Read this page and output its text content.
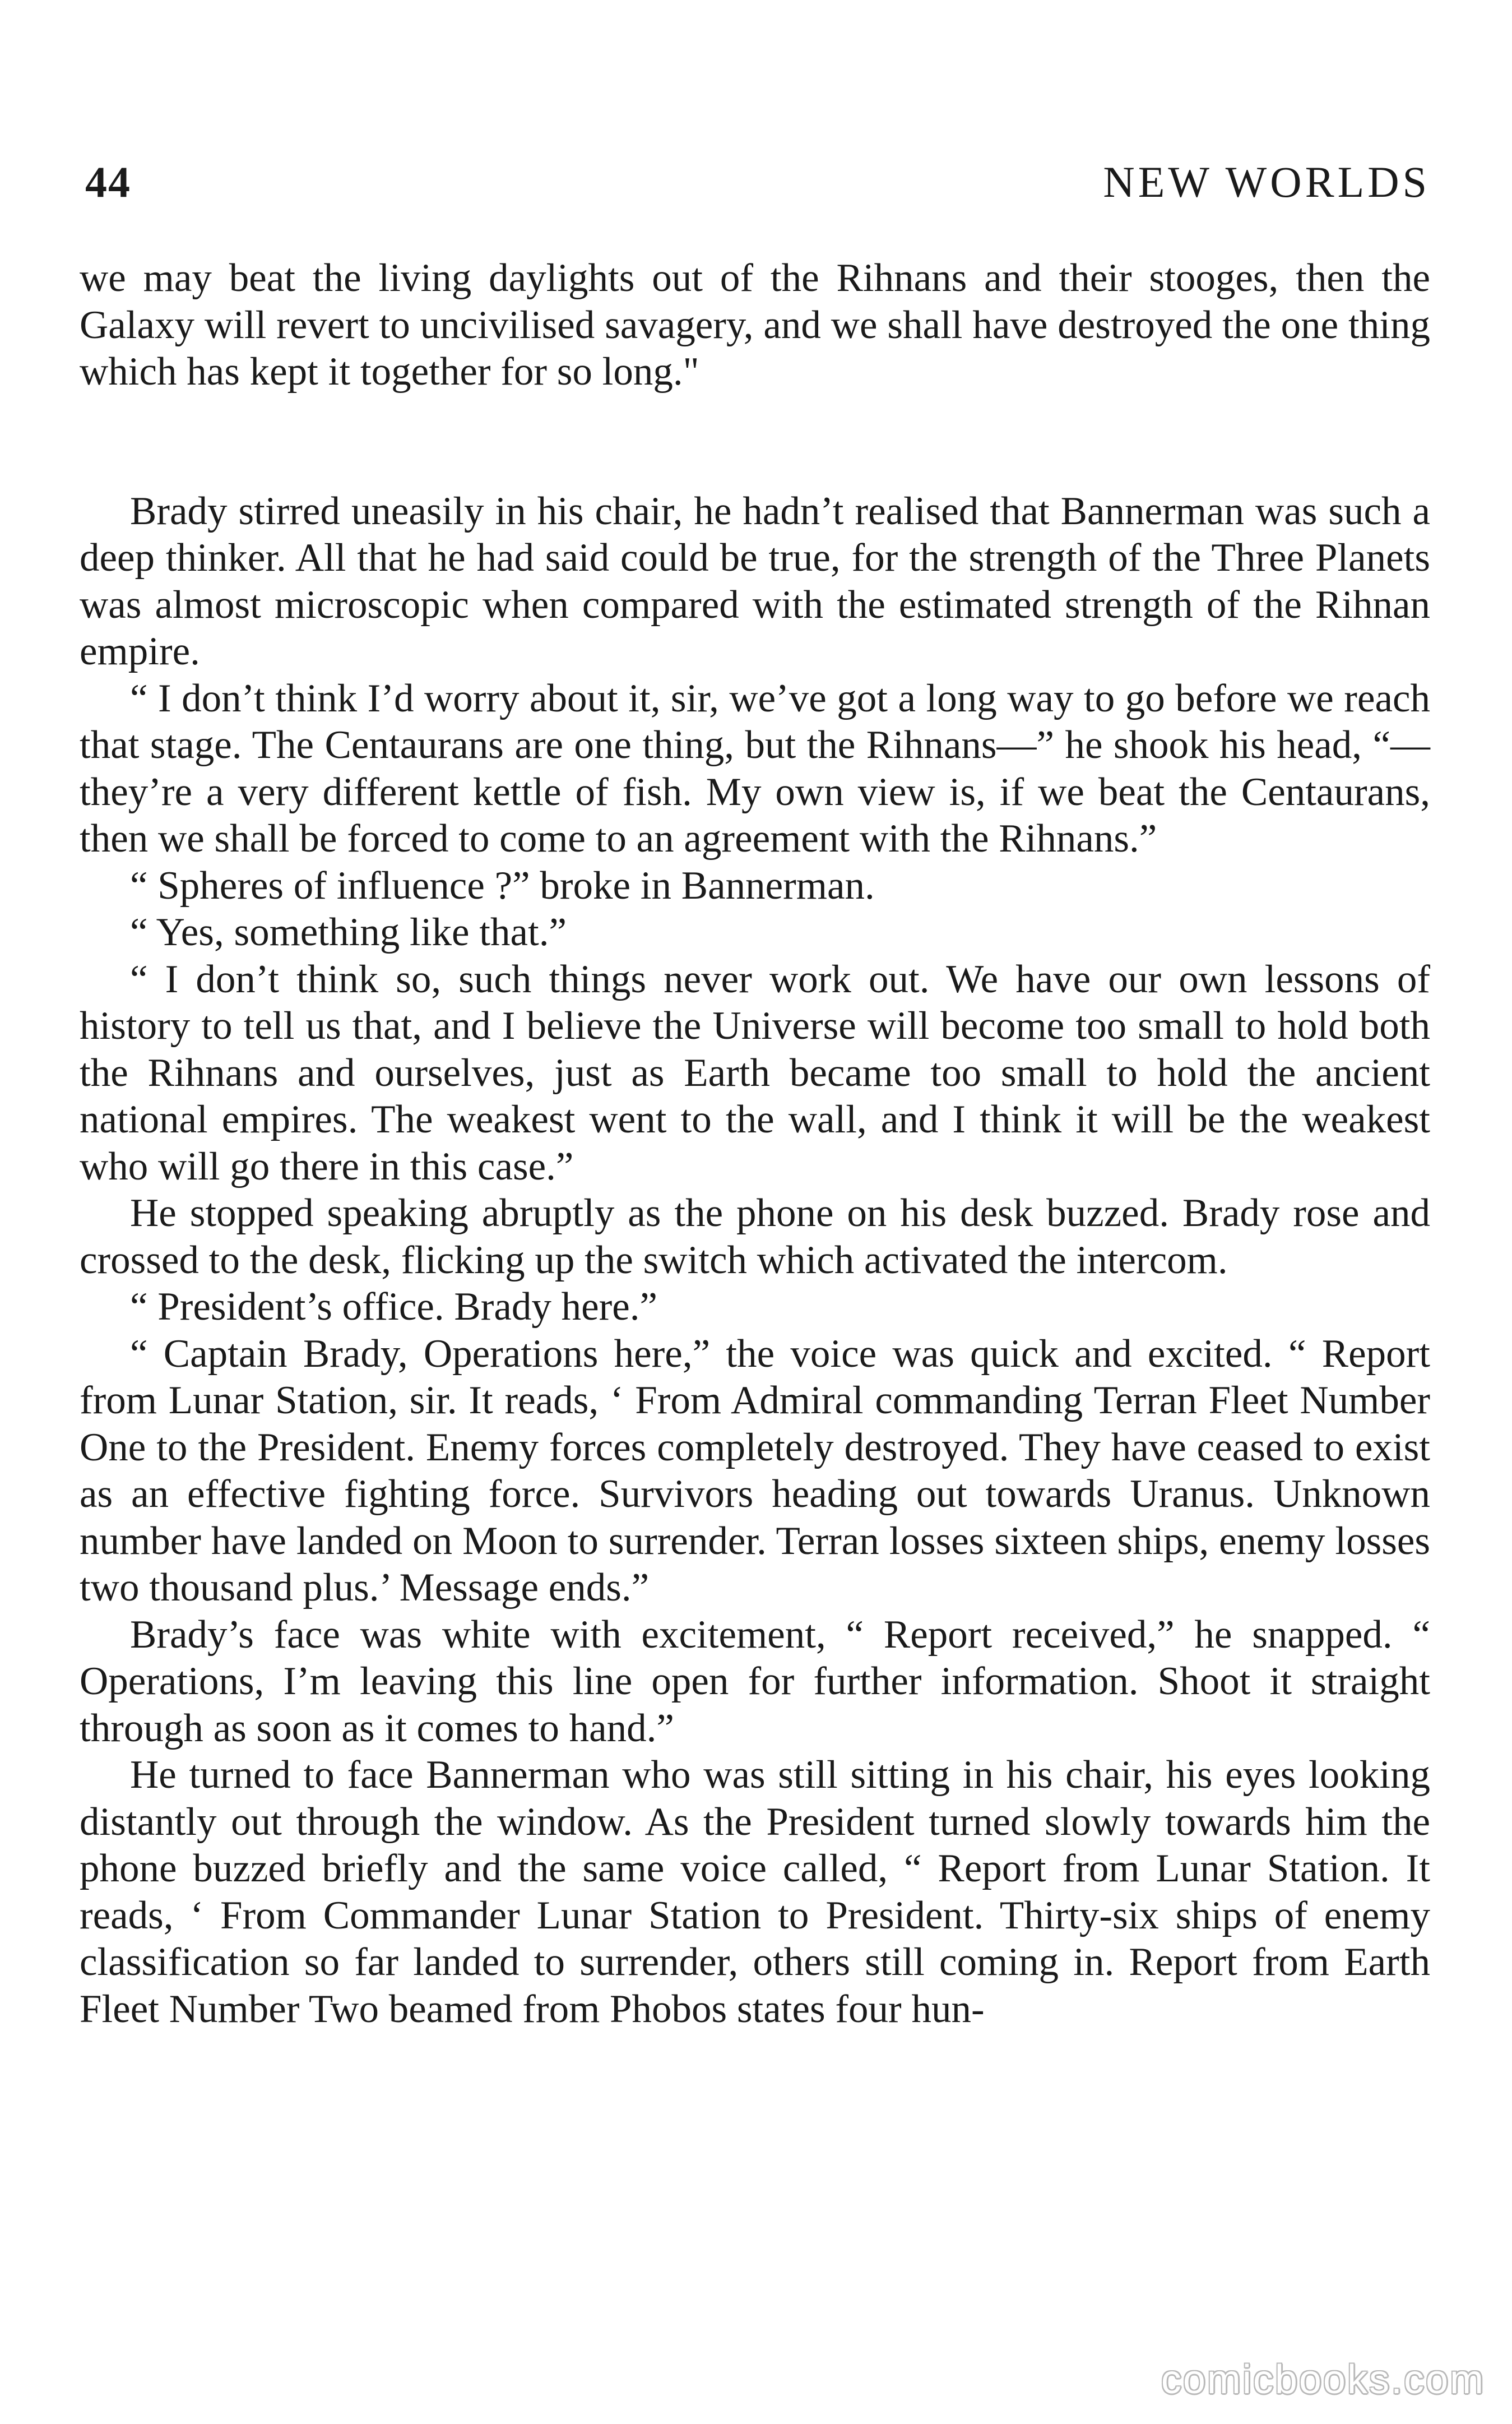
44	NEW WORLDS

we may beat the living daylights out of the Rihnans and their stooges, then the Galaxy will revert to uncivilised savagery, and we shall have destroyed the one thing which has kept it together for so long."

Brady stirred uneasily in his chair, he hadn’t realised that Bannerman was such a deep thinker. All that he had said could be true, for the strength of the Three Planets was almost microscopic when compared with the estimated strength of the Rihnan empire.

“ I don’t think I’d worry about it, sir, we’ve got a long way to go before we reach that stage. The Centaurans are one thing, but the Rihnans—” he shook his head, “—they’re a very different kettle of fish. My own view is, if we beat the Centaurans, then we shall be forced to come to an agreement with the Rihnans.”

“ Spheres of influence ?” broke in Bannerman.

“ Yes, something like that.”

“ I don’t think so, such things never work out. We have our own lessons of history to tell us that, and I believe the Universe will become too small to hold both the Rihnans and ourselves, just as Earth became too small to hold the ancient national empires. The weakest went to the wall, and I think it will be the weakest who will go there in this case.”

He stopped speaking abruptly as the phone on his desk buzzed. Brady rose and crossed to the desk, flicking up the switch which activated the intercom.

“ President’s office. Brady here.”

“ Captain Brady, Operations here,” the voice was quick and excited. “ Report from Lunar Station, sir. It reads, ‘ From Admiral commanding Terran Fleet Number One to the President. Enemy forces completely destroyed. They have ceased to exist as an effective fighting force. Survivors heading out towards Uranus. Unknown number have landed on Moon to surrender. Terran losses sixteen ships, enemy losses two thousand plus.’ Message ends.”

Brady’s face was white with excitement, “ Report received,” he snapped. “ Operations, I’m leaving this line open for further information. Shoot it straight through as soon as it comes to hand.”

He turned to face Bannerman who was still sitting in his chair, his eyes looking distantly out through the window. As the President turned slowly towards him the phone buzzed briefly and the same voice called, “ Report from Lunar Station. It reads, ‘ From Commander Lunar Station to President. Thirty-six ships of enemy classification so far landed to surrender, others still coming in. Report from Earth Fleet Number Two beamed from Phobos states four hun-

comicbooks.com
